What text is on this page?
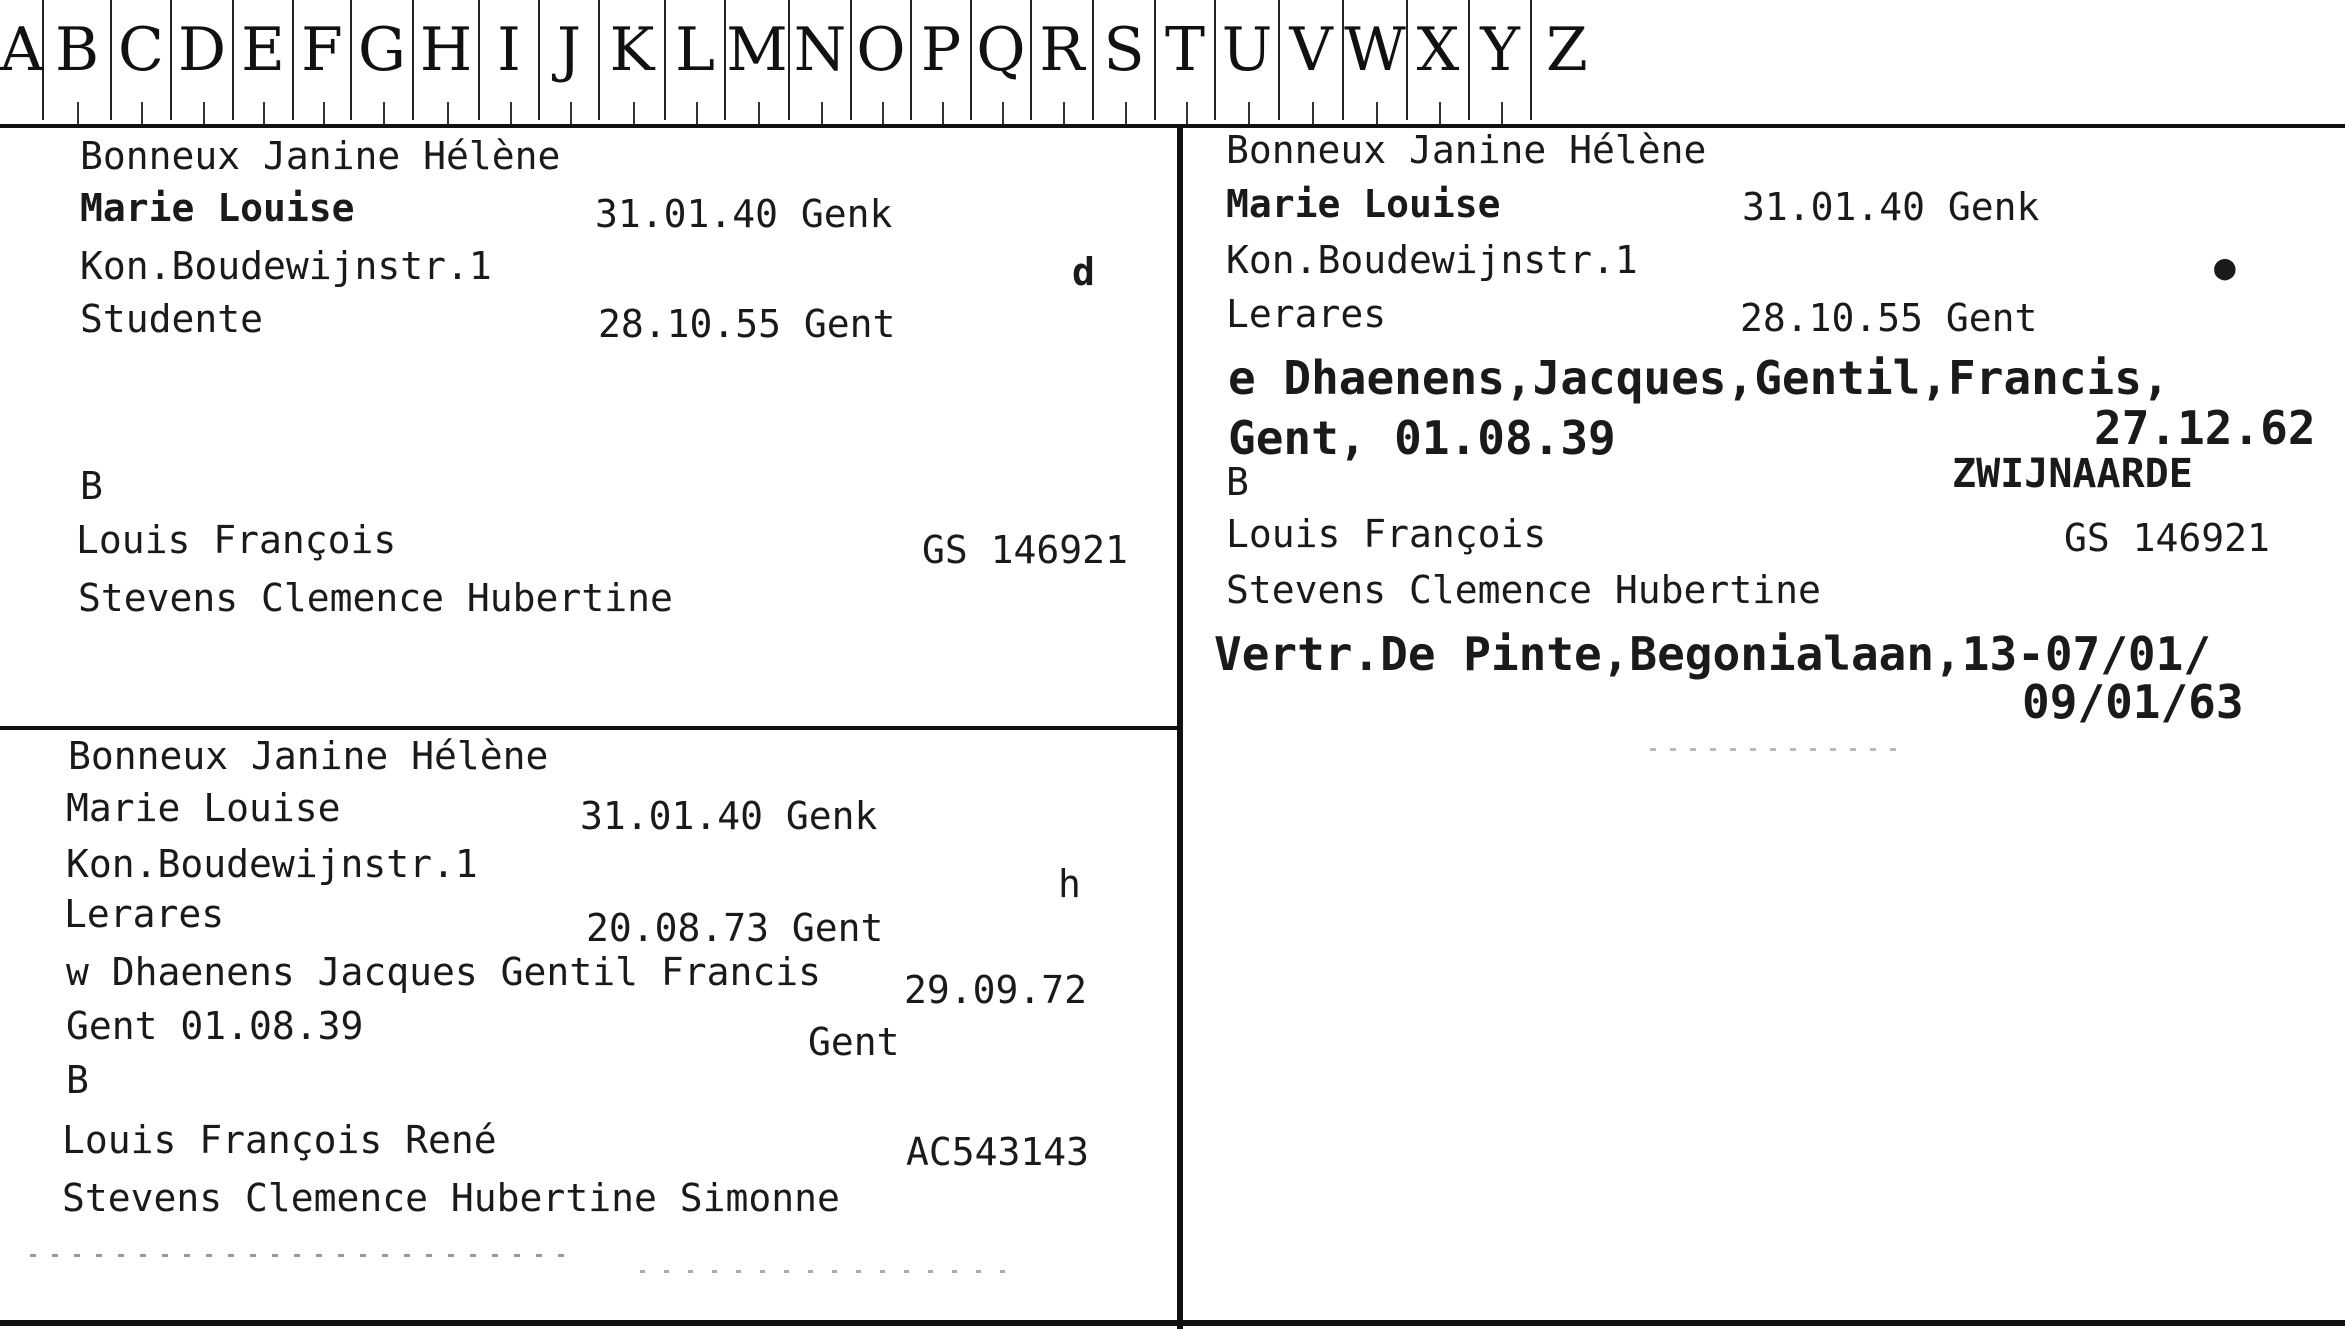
A B C D E F G H I J K L M N O P Q R S T U V W X Y Z
Bonneux Janine Hélène
Marie Louise	31.01.40 Genk
Kon.Boudewijnstr.1	d
Studente	28.10.55 Gent
B
Louis François	GS 146921
Stevens Clemence Hubertine
Bonneux Janine Hélène
Marie Louise	31.01.40 Genk
Kon.Boudewijnstr.1	●
Lerares	28.10.55 Gent
e Dhaenens,Jacques,Gentil,Francis,
Gent, 01.08.39	27.12.62
ZWIJNAARDE
B
Louis François	GS 146921
Stevens Clemence Hubertine
Vertr.De Pinte,Begonialaan,13-07/01/
09/01/63
Bonneux Janine Hélène
Marie Louise	31.01.40 Genk
Kon.Boudewijnstr.1	h
Lerares	20.08.73 Gent
w Dhaenens Jacques Gentil Francis 29.09.72
Gent 01.08.39	Gent
B
Louis François René	AC543143
Stevens Clemence Hubertine Simonne
